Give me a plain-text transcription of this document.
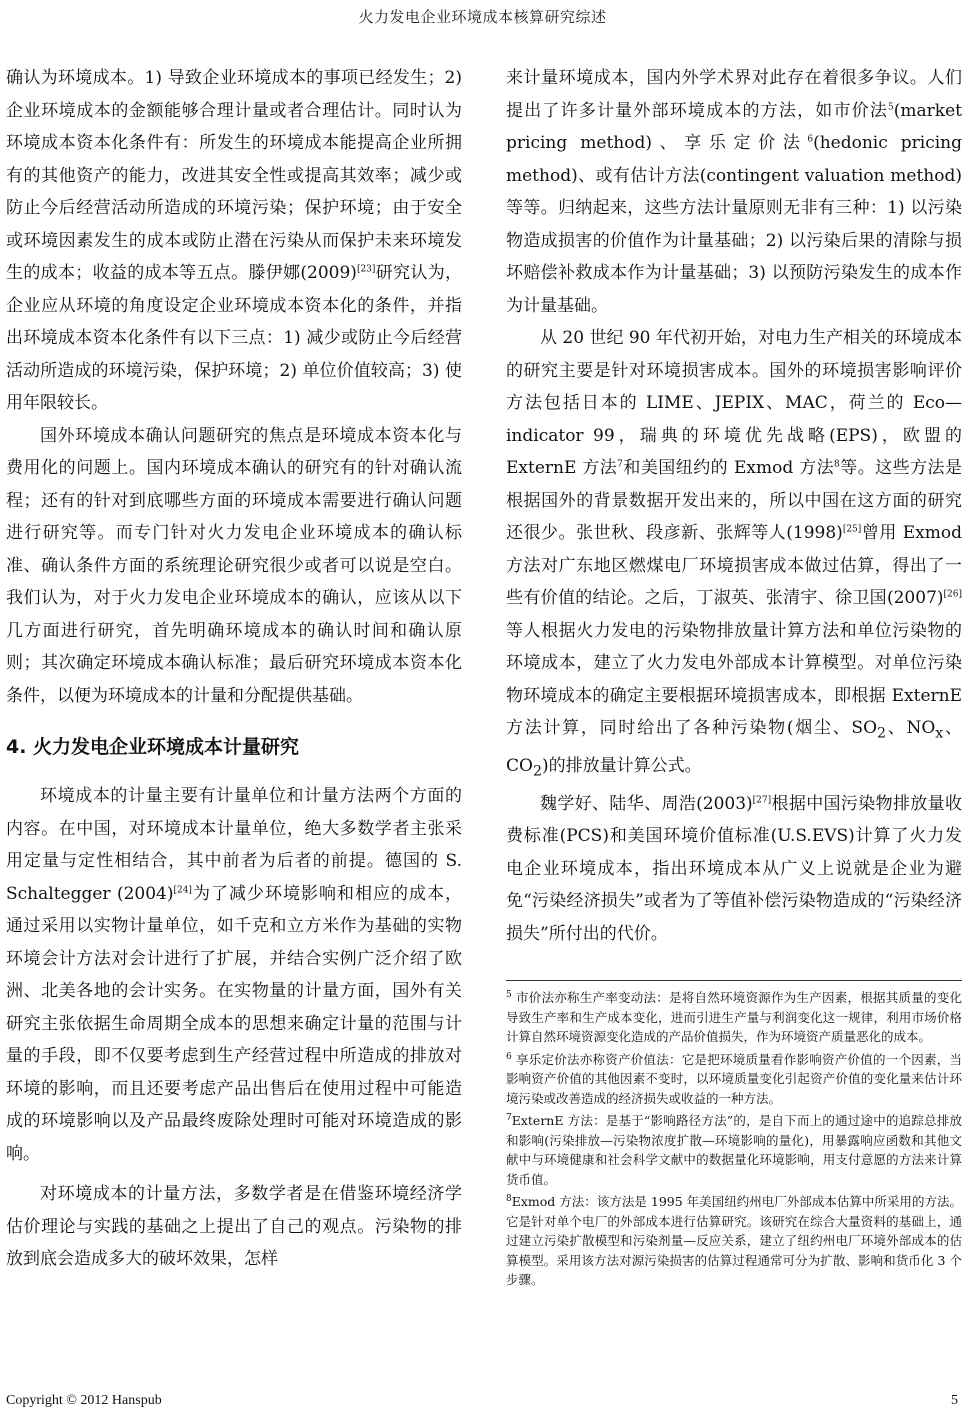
火力发电企业环境成本核算研究综述

确认为环境成本。1) 导致企业环境成本的事项已经发生；2) 企业环境成本的金额能够合理计量或者合理估计。同时认为环境成本资本化条件有：所发生的环境成本能提高企业所拥有的其他资产的能力，改进其安全性或提高其效率；减少或防止今后经营活动所造成的环境污染；保护环境；由于安全或环境因素发生的成本或防止潜在污染从而保护未来环境发生的成本；收益的成本等五点。滕伊娜(2009)[23]研究认为，企业应从环境的角度设定企业环境成本资本化的条件，并指出环境成本资本化条件有以下三点：1) 减少或防止今后经营活动所造成的环境污染，保护环境；2) 单位价值较高；3) 使用年限较长。

国外环境成本确认问题研究的焦点是环境成本资本化与费用化的问题上。国内环境成本确认的研究有的针对确认流程；还有的针对到底哪些方面的环境成本需要进行确认问题进行研究等。而专门针对火力发电企业环境成本的确认标准、确认条件方面的系统理论研究很少或者可以说是空白。我们认为，对于火力发电企业环境成本的确认，应该从以下几方面进行研究，首先明确环境成本的确认时间和确认原则；其次确定环境成本确认标准；最后研究环境成本资本化条件，以便为环境成本的计量和分配提供基础。

4. 火力发电企业环境成本计量研究

环境成本的计量主要有计量单位和计量方法两个方面的内容。在中国，对环境成本计量单位，绝大多数学者主张采用定量与定性相结合，其中前者为后者的前提。德国的 S. Schaltegger (2004)[24]为了减少环境影响和相应的成本，通过采用以实物计量单位，如千克和立方米作为基础的实物环境会计方法对会计进行了扩展，并结合实例广泛介绍了欧洲、北美各地的会计实务。在实物量的计量方面，国外有关研究主张依据生命周期全成本的思想来确定计量的范围与计量的手段，即不仅要考虑到生产经营过程中所造成的排放对环境的影响，而且还要考虑产品出售后在使用过程中可能造成的环境影响以及产品最终废除处理时可能对环境造成的影响。

对环境成本的计量方法，多数学者是在借鉴环境经济学估价理论与实践的基础之上提出了自己的观点。污染物的排放到底会造成多大的破坏效果，怎样

来计量环境成本，国内外学术界对此存在着很多争议。人们提出了许多计量外部环境成本的方法，如市价法$^5$(market pricing method)、享乐定价法$^6$(hedonic pricing method)、或有估计方法(contingent valuation method)等等。归纳起来，这些方法计量原则无非有三种：1) 以污染物造成损害的价值作为计量基础；2) 以污染后果的清除与损坏赔偿补救成本作为计量基础；3) 以预防污染发生的成本作为计量基础。

从 20 世纪 90 年代初开始，对电力生产相关的环境成本的研究主要是针对环境损害成本。国外的环境损害影响评价方法包括日本的 LIME、JEPIX、MAC，荷兰的 Eco—indicator 99，瑞典的环境优先战略(EPS)，欧盟的 ExternE 方法$^7$和美国纽约的 Exmod 方法$^8$等。这些方法是根据国外的背景数据开发出来的，所以中国在这方面的研究还很少。张世秋、段彦新、张辉等人(1998)[25]曾用 Exmod 方法对广东地区燃煤电厂环境损害成本做过估算，得出了一些有价值的结论。之后，丁淑英、张清宇、徐卫国(2007)[26]等人根据火力发电的污染物排放量计算方法和单位污染物的环境成本，建立了火力发电外部成本计算模型。对单位污染物环境成本的确定主要根据环境损害成本，即根据 ExternE 方法计算，同时给出了各种污染物(烟尘、$SO_2$、$NO_x$、$CO_2$)的排放量计算公式。

魏学好、陆华、周浩(2003)[27]根据中国污染物排放量收费标准(PCS)和美国环境价值标准(U.S.EVS)计算了火力发电企业环境成本，指出环境成本从广义上说就是企业为避免“污染经济损失”或者为了等值补偿污染物造成的“污染经济损失”所付出的代价。

$^5$ 市价法亦称生产率变动法：是将自然环境资源作为生产因素，根据其质量的变化导致生产率和生产成本变化，进而引进生产量与利润变化这一规律，利用市场价格计算自然环境资源变化造成的产品价值损失，作为环境资产质量恶化的成本。

$^6$ 享乐定价法亦称资产价值法：它是把环境质量看作影响资产价值的一个因素，当影响资产价值的其他因素不变时，以环境质量变化引起资产价值的变化量来估计环境污染或改善造成的经济损失或收益的一种方法。

$^7$ExternE 方法：是基于“影响路径方法”的，是自下而上的通过途中的追踪总排放和影响(污染排放—污染物浓度扩散—环境影响的量化)，用暴露响应函数和其他文献中与环境健康和社会科学文献中的数据量化环境影响，用支付意愿的方法来计算货币值。

$^8$Exmod 方法：该方法是 1995 年美国纽约州电厂外部成本估算中所采用的方法。它是针对单个电厂的外部成本进行估算研究。该研究在综合大量资料的基础上，通过建立污染扩散模型和污染剂量—反应关系，建立了纽约州电厂环境外部成本的估算模型。采用该方法对源污染损害的估算过程通常可分为扩散、影响和货币化 3 个步骤。

Copyright © 2012 Hanspub	5
